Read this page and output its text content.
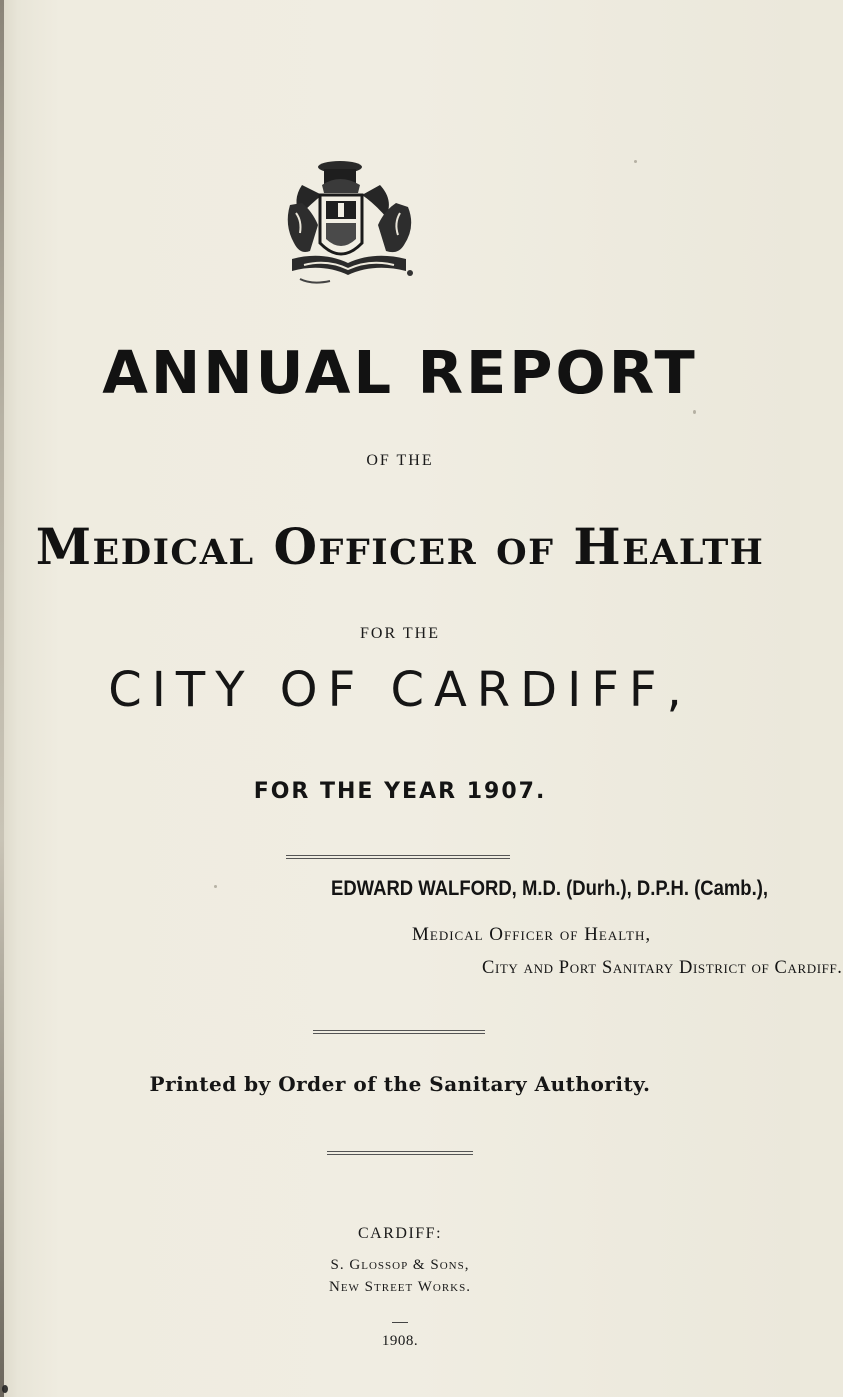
ANNUAL REPORT
OF THE
Medical Officer of Health
FOR THE
CITY OF CARDIFF,
FOR THE YEAR 1907.
EDWARD WALFORD, M.D. (Durh.), D.P.H. (Camb.),
Medical Officer of Health,
City and Port Sanitary District of Cardiff.
Printed by Order of the Sanitary Authority.
CARDIFF:
S. Glossop & Sons,
New Street Works.
1908.
